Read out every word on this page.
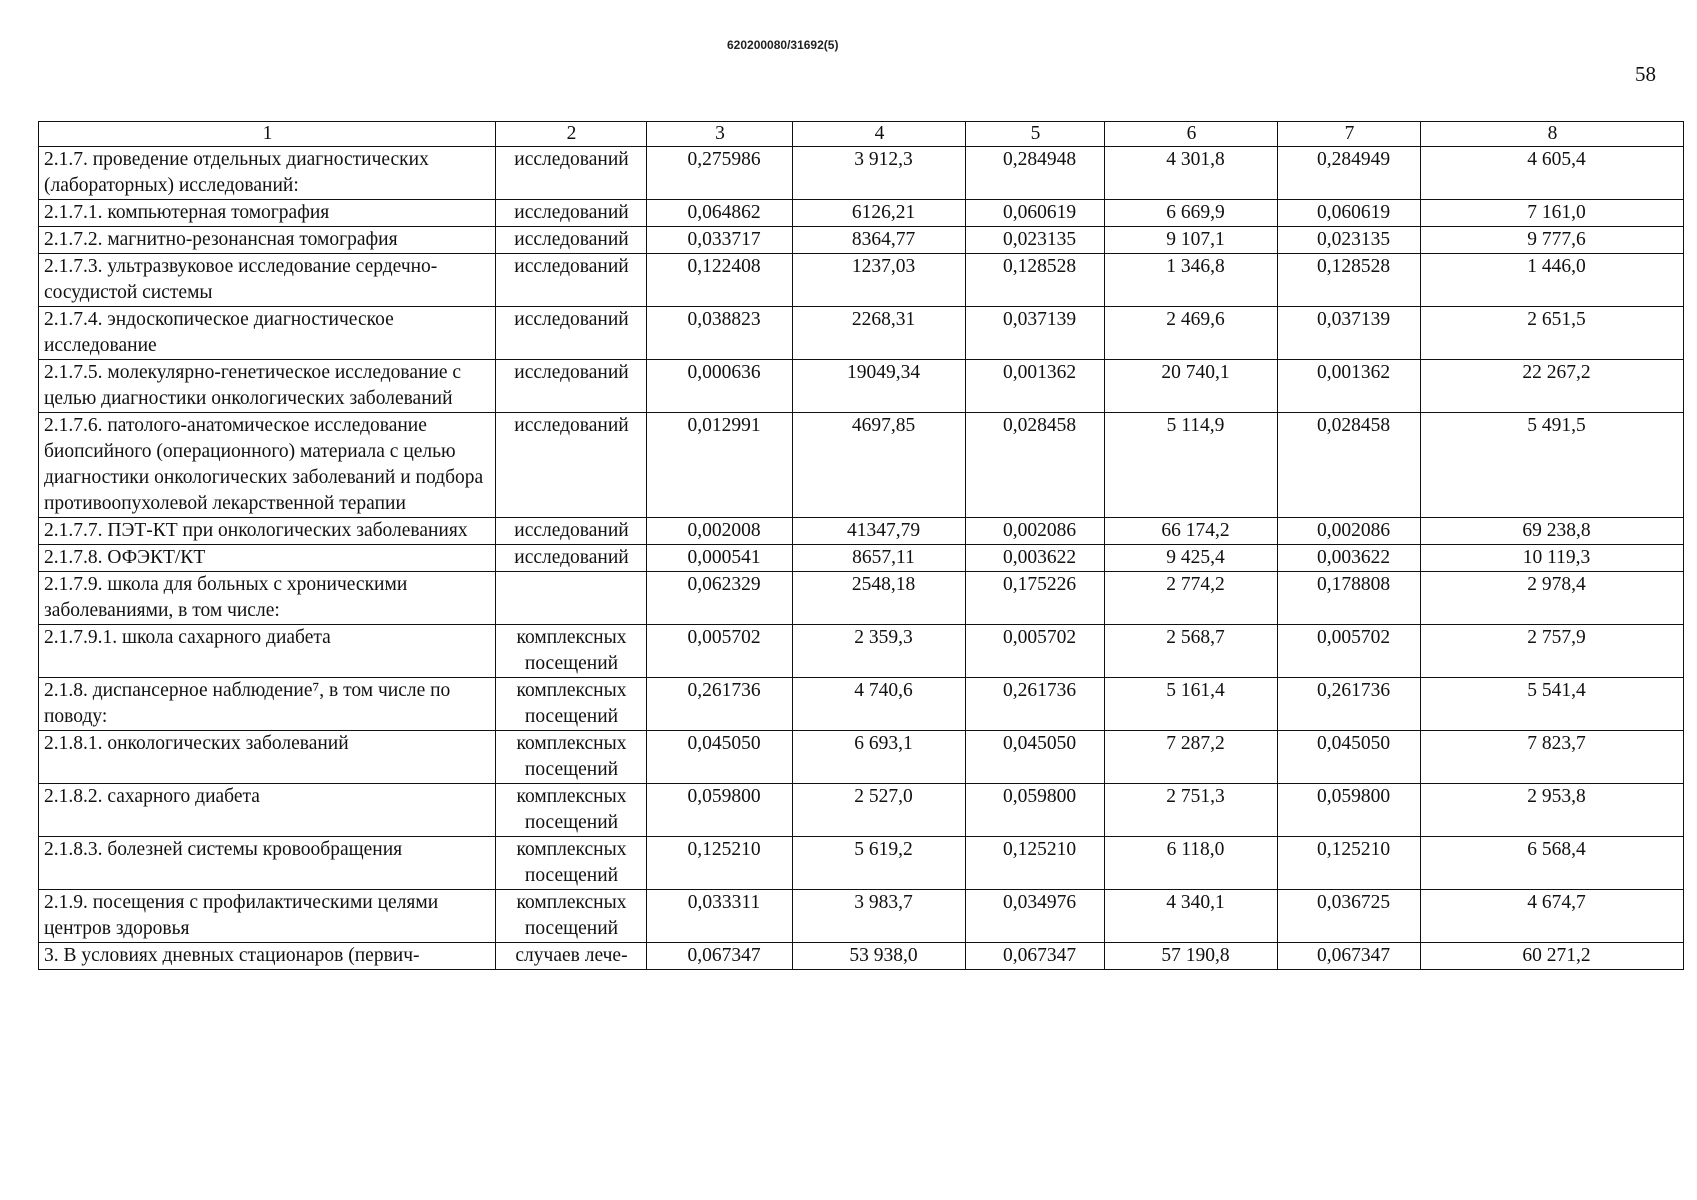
620200080/31692(5)
58
1	2	3	4	5	6	7	8
2.1.7. проведение отдельных диагностических (лабораторных) исследований:	исследований	0,275986	3 912,3	0,284948	4 301,8	0,284949	4 605,4
2.1.7.1. компьютерная томография	исследований	0,064862	6126,21	0,060619	6 669,9	0,060619	7 161,0
2.1.7.2. магнитно-резонансная томография	исследований	0,033717	8364,77	0,023135	9 107,1	0,023135	9 777,6
2.1.7.3. ультразвуковое исследование сердечно-сосудистой системы	исследований	0,122408	1237,03	0,128528	1 346,8	0,128528	1 446,0
2.1.7.4. эндоскопическое диагностическое исследование	исследований	0,038823	2268,31	0,037139	2 469,6	0,037139	2 651,5
2.1.7.5. молекулярно-генетическое исследование с целью диагностики онкологических заболеваний	исследований	0,000636	19049,34	0,001362	20 740,1	0,001362	22 267,2
2.1.7.6. патолого-анатомическое исследование биопсийного (операционного) материала с целью диагностики онкологических заболеваний и подбора противоопухолевой лекарственной терапии	исследований	0,012991	4697,85	0,028458	5 114,9	0,028458	5 491,5
2.1.7.7. ПЭТ-КТ при онкологических заболеваниях	исследований	0,002008	41347,79	0,002086	66 174,2	0,002086	69 238,8
2.1.7.8. ОФЭКТ/КТ	исследований	0,000541	8657,11	0,003622	9 425,4	0,003622	10 119,3
2.1.7.9. школа для больных с хроническими заболеваниями, в том числе:		0,062329	2548,18	0,175226	2 774,2	0,178808	2 978,4
2.1.7.9.1. школа сахарного диабета	комплексных посещений	0,005702	2 359,3	0,005702	2 568,7	0,005702	2 757,9
2.1.8. диспансерное наблюдение⁷, в том числе по поводу:	комплексных посещений	0,261736	4 740,6	0,261736	5 161,4	0,261736	5 541,4
2.1.8.1. онкологических заболеваний	комплексных посещений	0,045050	6 693,1	0,045050	7 287,2	0,045050	7 823,7
2.1.8.2. сахарного диабета	комплексных посещений	0,059800	2 527,0	0,059800	2 751,3	0,059800	2 953,8
2.1.8.3. болезней системы кровообращения	комплексных посещений	0,125210	5 619,2	0,125210	6 118,0	0,125210	6 568,4
2.1.9. посещения с профилактическими целями центров здоровья	комплексных посещений	0,033311	3 983,7	0,034976	4 340,1	0,036725	4 674,7
3. В условиях дневных стационаров (первич-	случаев лече-	0,067347	53 938,0	0,067347	57 190,8	0,067347	60 271,2
